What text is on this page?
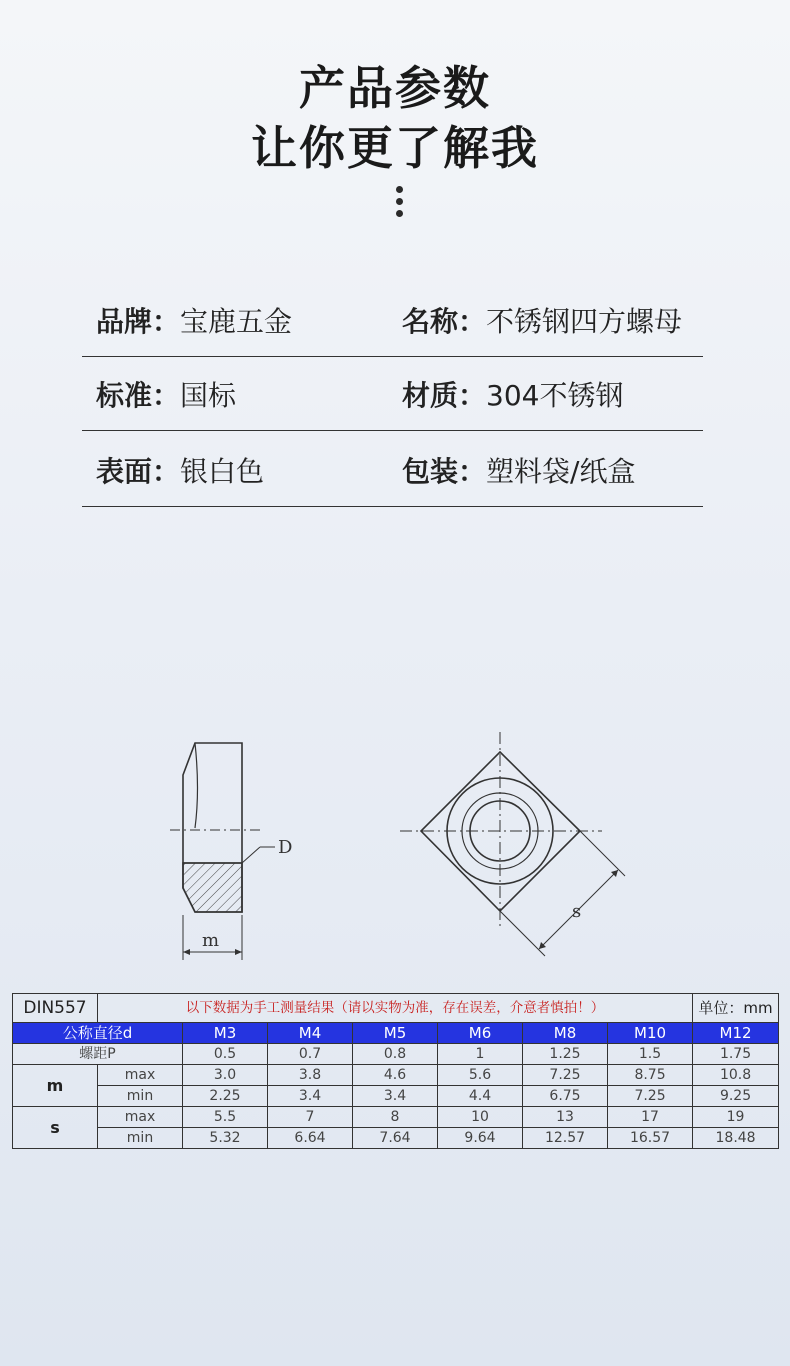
产品参数
让你更了解我
品牌：宝鹿五金	名称：不锈钢四方螺母
标准：国标	材质：304不锈钢
表面：银白色	包装：塑料袋/纸盒
D
m
s
DIN557	以下数据为手工测量结果（请以实物为准，存在误差，介意者慎拍！）							单位：mm
公称直径d		M3	M4	M5	M6	M8	M10	M12
螺距P		0.5	0.7	0.8	1	1.25	1.5	1.75
m	max	3.0	3.8	4.6	5.6	7.25	8.75	10.8
	min	2.25	3.4	3.4	4.4	6.75	7.25	9.25
s	max	5.5	7	8	10	13	17	19
	min	5.32	6.64	7.64	9.64	12.57	16.57	18.48
